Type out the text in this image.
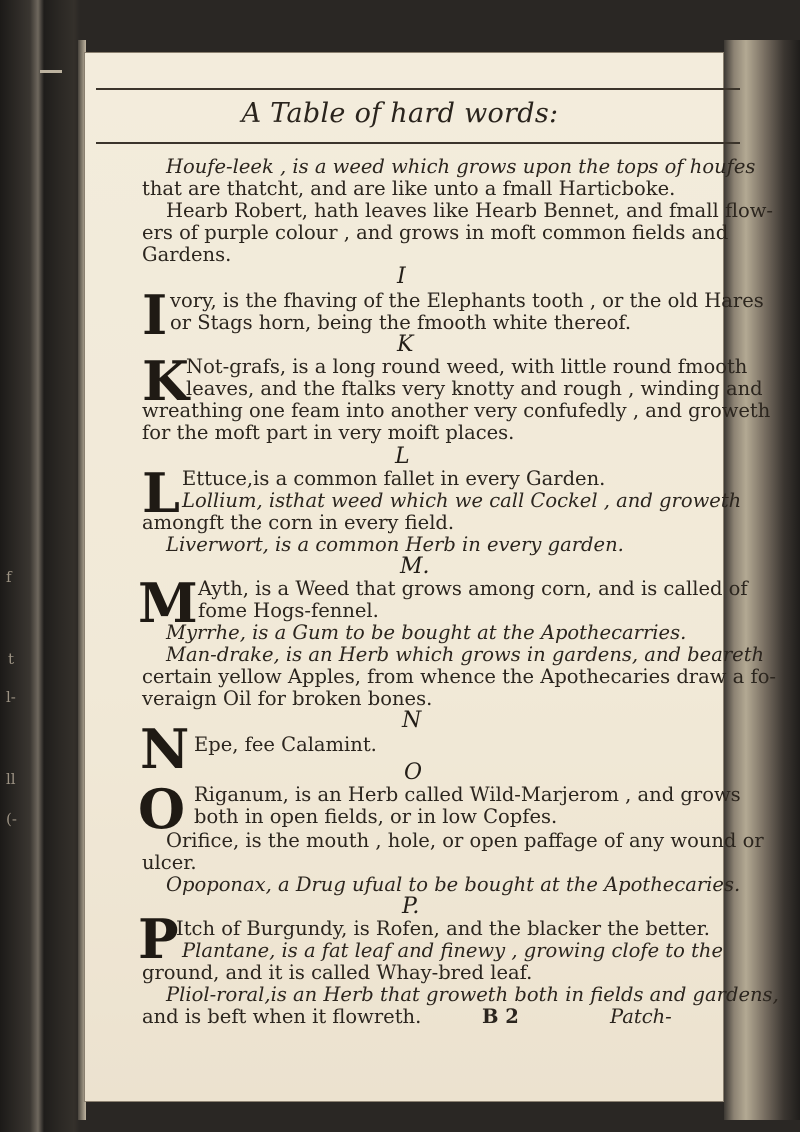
f
t
l-
ll
(-
A Table of hard words:
Houfe-leek , is a weed which grows upon the tops of houfes
that are thatcht, and are like unto a fmall Harticboke.
Hearb Robert, hath leaves like Hearb Bennet, and fmall flow-
ers of purple colour , and grows in moft common fields and
Gardens.
I
I vory, is the fhaving of the Elephants tooth , or the old Hares
or Stags horn, being the fmooth white thereof.
K
K
Not-grafs, is a long round weed, with little round fmooth
leaves, and the ftalks very knotty and rough , winding and
wreathing one feam into another very confufedly , and groweth
for the moft part in very moift places.
L
L Ettuce,is a common fallet in every Garden.
Lollium, isthat weed which we call Cockel , and groweth
amongft the corn in every field.
Liverwort, is a common Herb in every garden.
M.
M Ayth, is a Weed that grows among corn, and is called of
fome Hogs-fennel.
Myrrhe, is a Gum to be bought at the Apothecarries.
Man-drake, is an Herb which grows in gardens, and beareth
certain yellow Apples, from whence the Apothecaries draw a fo-
veraign Oil for broken bones.
N
N Epe, fee Calamint.
O
O Riganum, is an Herb called Wild-Marjerom , and grows
both in open fields, or in low Copfes.
Orifice, is the mouth , hole, or open paffage of any wound or
ulcer.
Opoponax, a Drug ufual to be bought at the Apothecaries.
P.
P
Itch of Burgundy, is Rofen, and the blacker the better.
Plantane, is a fat leaf and finewy , growing clofe to the
ground, and it is called Whay-bred leaf.
Pliol-roral,is an Herb that groweth both in fields and gardens,
and is beft when it flowreth.	B 2	Patch-
